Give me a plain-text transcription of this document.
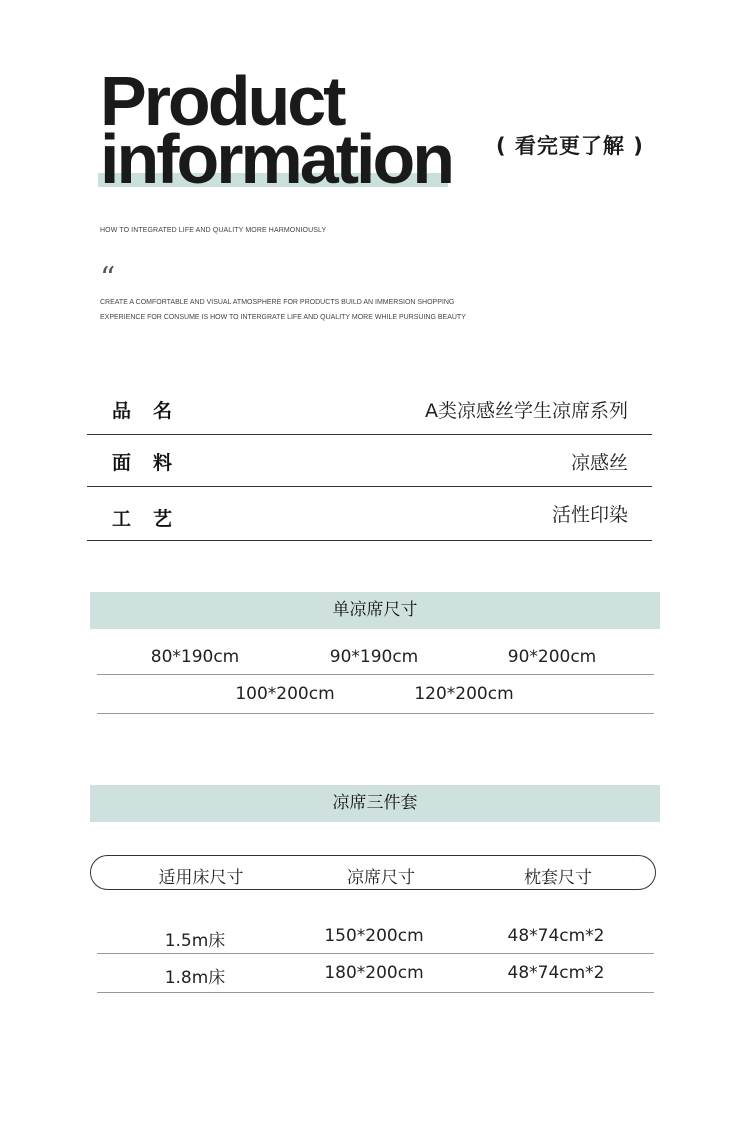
Product
information ( 看完更了解 )
HOW TO INTEGRATED LIFE AND QUALITY MORE HARMONIOUSLY
“
CREATE A COMFORTABLE AND VISUAL ATMOSPHERE FOR PRODUCTS BUILD AN IMMERSION SHOPPING EXPERIENCE FOR CONSUME IS HOW TO INTERGRATE LIFE AND QUALITY MORE WHILE PURSUING BEAUTY
品名	A类凉感丝学生凉席系列
面料	凉感丝
工艺	活性印染
单凉席尺寸
80*190cm	90*190cm	90*200cm
100*200cm	120*200cm
凉席三件套
适用床尺寸	凉席尺寸	枕套尺寸
1.5m床	150*200cm	48*74cm*2
1.8m床	180*200cm	48*74cm*2
